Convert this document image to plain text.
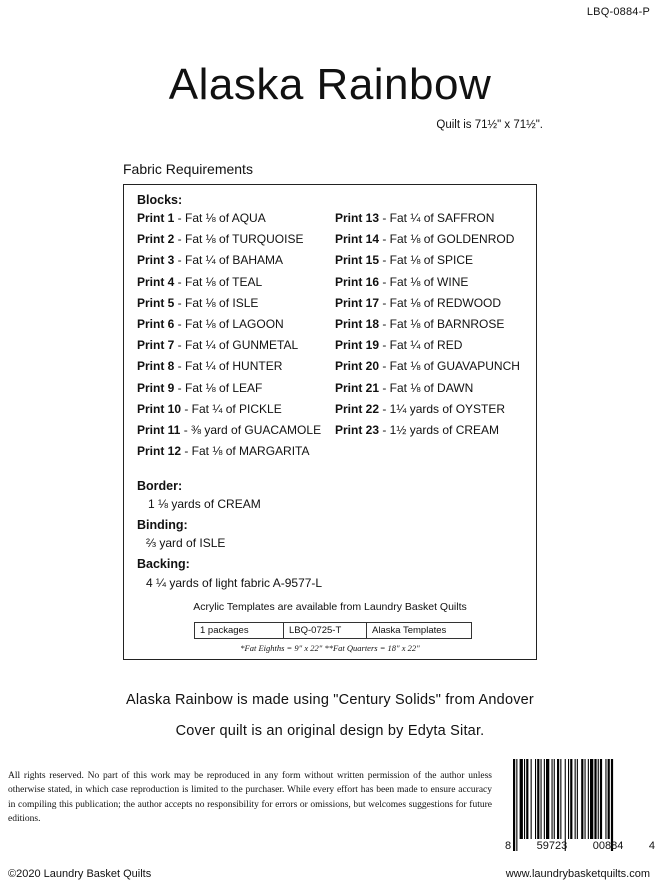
LBQ-0884-P
Alaska Rainbow
Quilt is 71½" x 71½".
Fabric Requirements
Blocks:
Print 1 - Fat ⅛ of AQUA
Print 2 - Fat ⅛ of TURQUOISE
Print 3 - Fat ¼ of BAHAMA
Print 4 - Fat ⅛ of TEAL
Print 5 - Fat ⅛ of ISLE
Print 6 - Fat ⅛ of LAGOON
Print 7 - Fat ¼ of GUNMETAL
Print 8 - Fat ¼ of HUNTER
Print 9 - Fat ⅛ of LEAF
Print 10 - Fat ¼ of PICKLE
Print 11 - ⅜ yard of GUACAMOLE
Print 12 - Fat ⅛ of MARGARITA
Print 13 - Fat ¼ of SAFFRON
Print 14 - Fat ⅛ of GOLDENROD
Print 15 - Fat ⅛ of SPICE
Print 16 - Fat ⅛ of WINE
Print 17 - Fat ⅛ of REDWOOD
Print 18 - Fat ⅛ of BARNROSE
Print 19 - Fat ¼ of RED
Print 20 - Fat ⅛ of GUAVAPUNCH
Print 21 - Fat ⅛ of DAWN
Print 22 - 1¼ yards of OYSTER
Print 23 - 1½ yards of CREAM
Border:
1 ⅛ yards of CREAM
Binding:
⅔ yard of ISLE
Backing:
4 ¼ yards of light fabric A-9577-L
Acrylic Templates are available from Laundry Basket Quilts
1 packages	LBQ-0725-T	Alaska Templates
*Fat Eighths = 9" x 22" **Fat Quarters = 18" x 22"
Alaska Rainbow is made using "Century Solids" from Andover
Cover quilt is an original design by Edyta Sitar.
All rights reserved. No part of this work may be reproduced in any form without written permission of the author unless otherwise stated, in which case reproduction is limited to the purchaser. While every effort has been made to ensure accuracy in compiling this publication; the author accepts no responsibility for errors or omissions, but welcomes suggestions for future editions.
©2020 Laundry Basket Quilts	www.laundrybasketquilts.com
8 59723 00884 4
